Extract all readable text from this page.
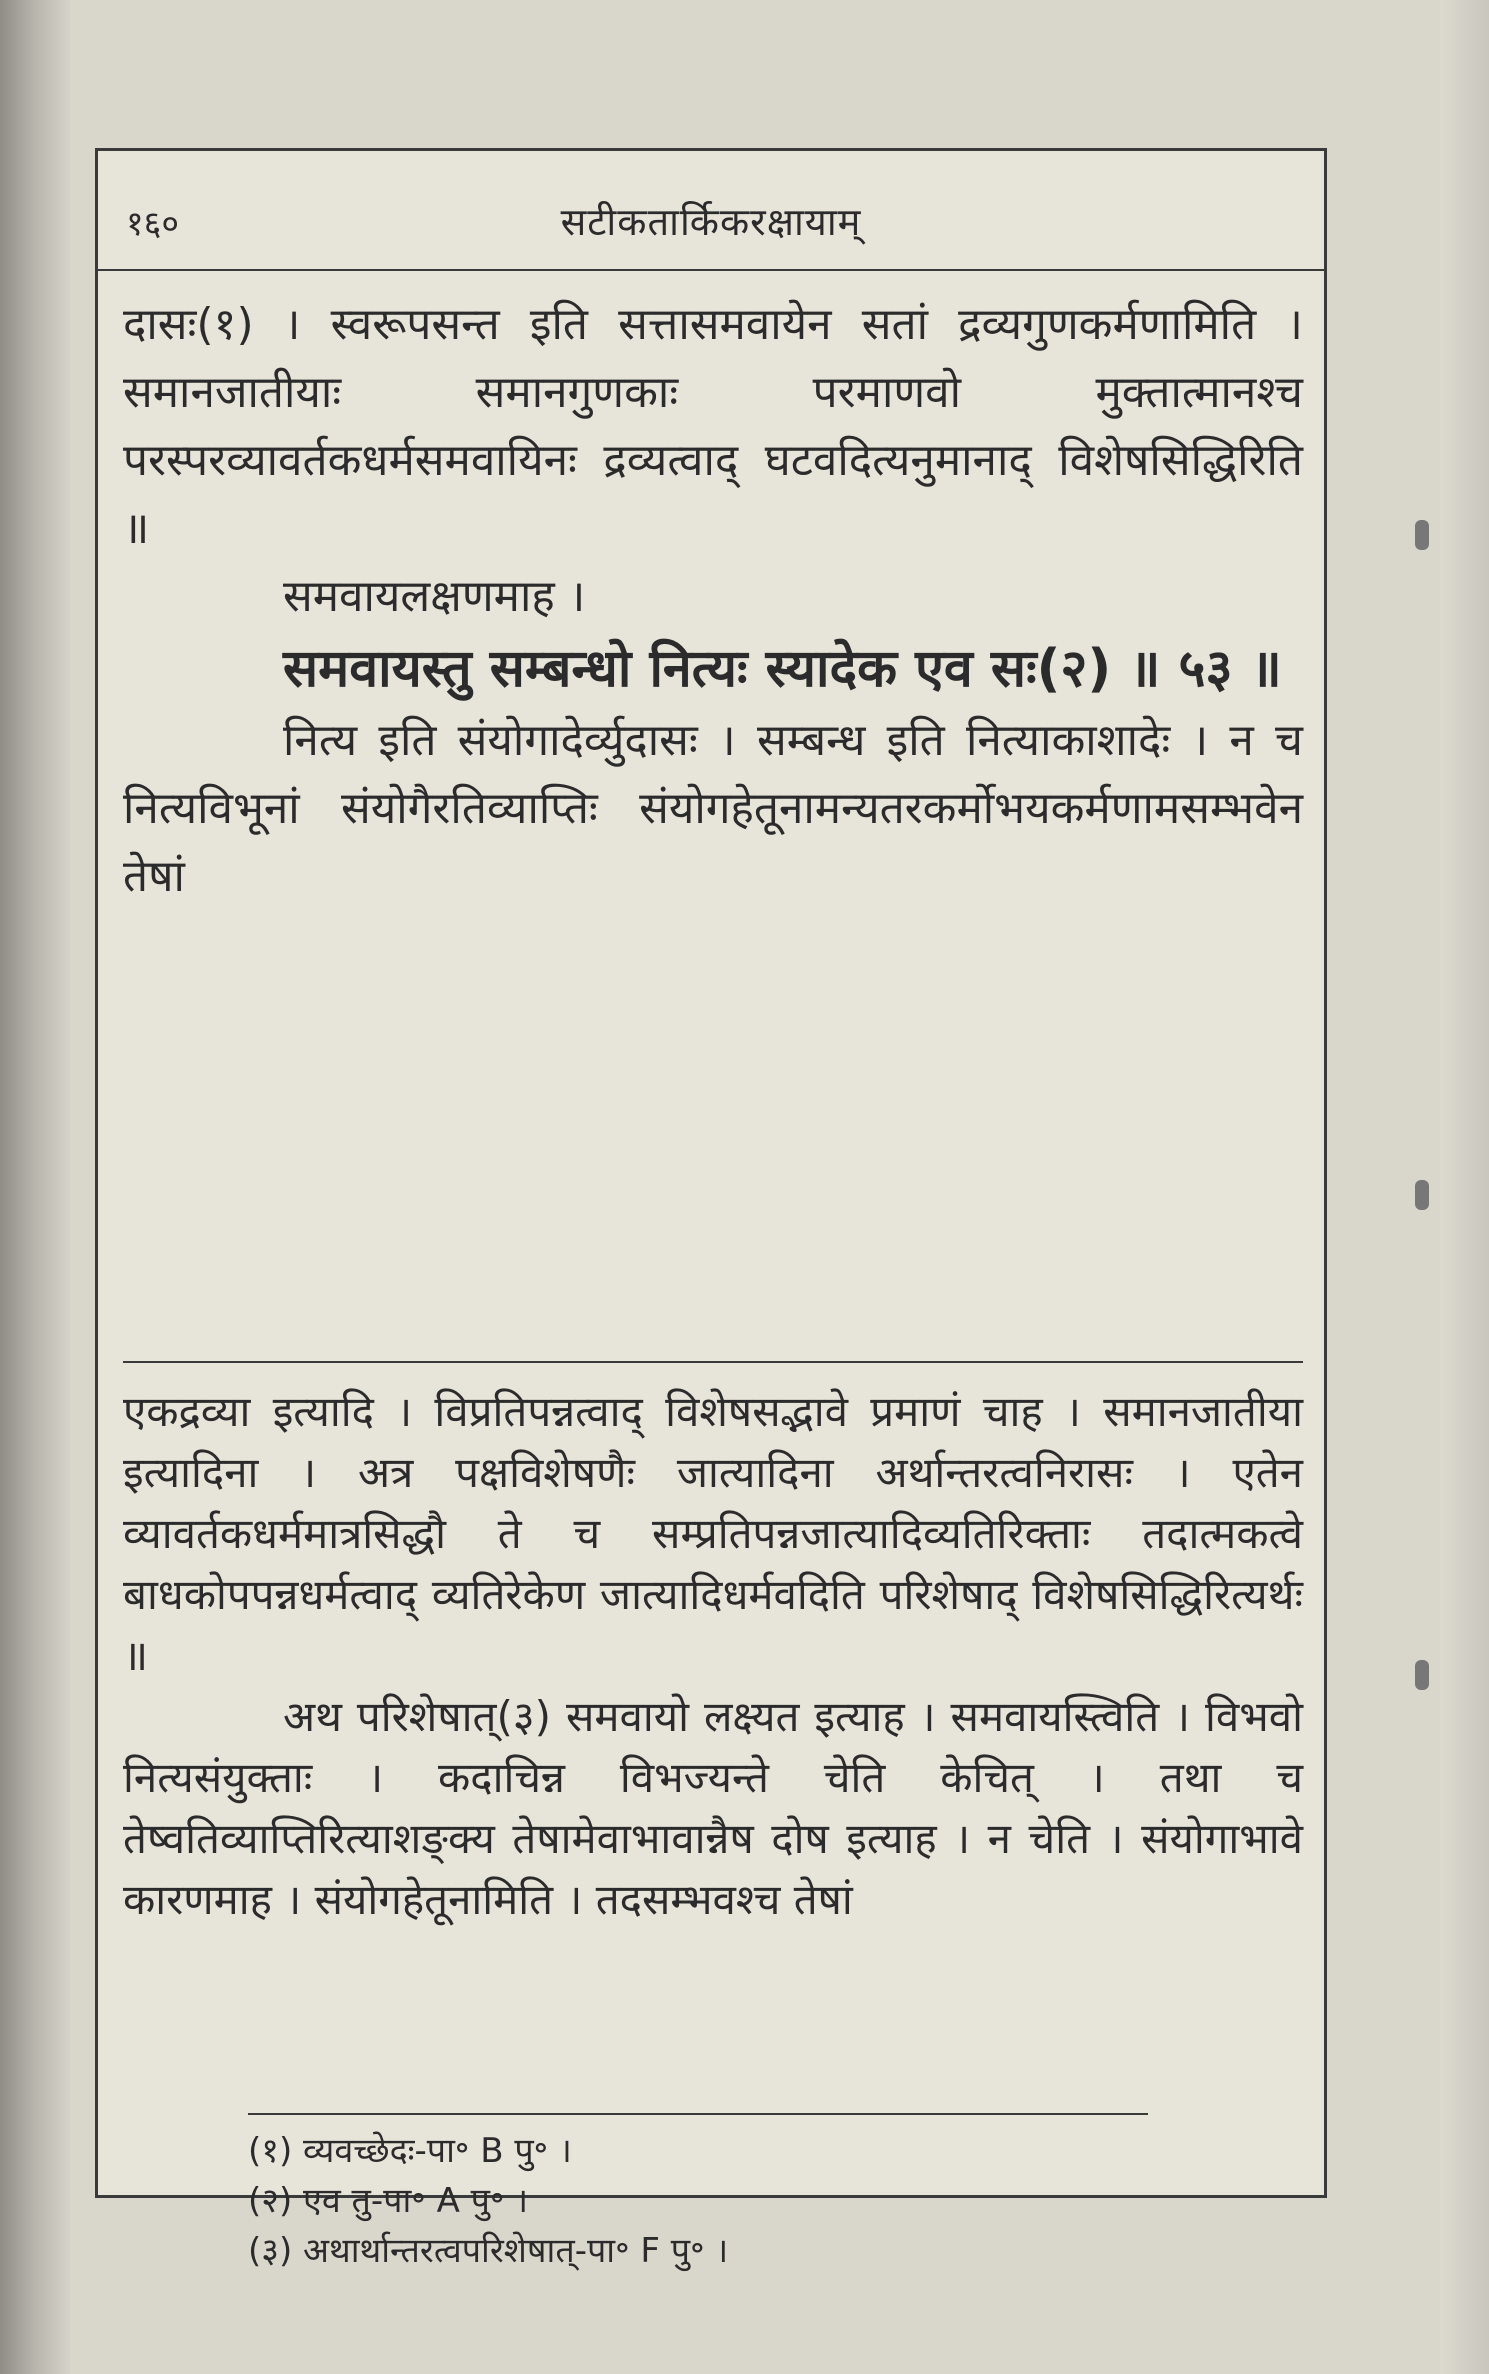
१६०	सटीकतार्किकरक्षायाम्

दासः(१) । स्वरूपसन्त इति सत्तासमवायेन सतां द्रव्यगुणकर्मणामिति । समानजातीयाः समानगुणकाः परमाणवो मुक्तात्मानश्च परस्परव्यावर्तकधर्मसमवायिनः द्रव्यत्वाद् घटवदित्यनुमानाद् विशेषसिद्धिरिति ॥

समवायलक्षणमाह ।

समवायस्तु सम्बन्धो नित्यः स्यादेक एव सः(२) ॥ ५३ ॥

नित्य इति संयोगादेर्व्युदासः । सम्बन्ध इति नित्याकाशादेः । न च नित्यविभूनां संयोगैरतिव्याप्तिः संयोगहेतूनामन्यतरकर्मोभयकर्मणामसम्भवेन तेषां

एकद्रव्या इत्यादि । विप्रतिपन्नत्वाद् विशेषसद्भावे प्रमाणं चाह । समानजातीया इत्यादिना । अत्र पक्षविशेषणैः जात्यादिना अर्थान्तरत्वनिरासः । एतेन व्यावर्तकधर्ममात्रसिद्धौ ते च सम्प्रतिपन्नजात्यादिव्यतिरिक्ताः तदात्मकत्वे बाधकोपपन्नधर्मत्वाद् व्यतिरेकेण जात्यादिधर्मवदिति परिशेषाद् विशेषसिद्धिरित्यर्थः ॥

अथ परिशेषात्(३) समवायो लक्ष्यत इत्याह । समवायस्त्विति । विभवो नित्यसंयुक्ताः । कदाचिन्न विभज्यन्ते चेति केचित् । तथा च तेष्वतिव्याप्तिरित्याशङ्क्य तेषामेवाभावान्नैष दोष इत्याह । न चेति । संयोगाभावे कारणमाह । संयोगहेतूनामिति । तदसम्भवश्च तेषां

(१) व्यवच्छेदः-पा॰ B पु॰ ।
(२) एव तु-पा॰ A पु॰ ।
(३) अथार्थान्तरत्वपरिशेषात्-पा॰ F पु॰ ।
